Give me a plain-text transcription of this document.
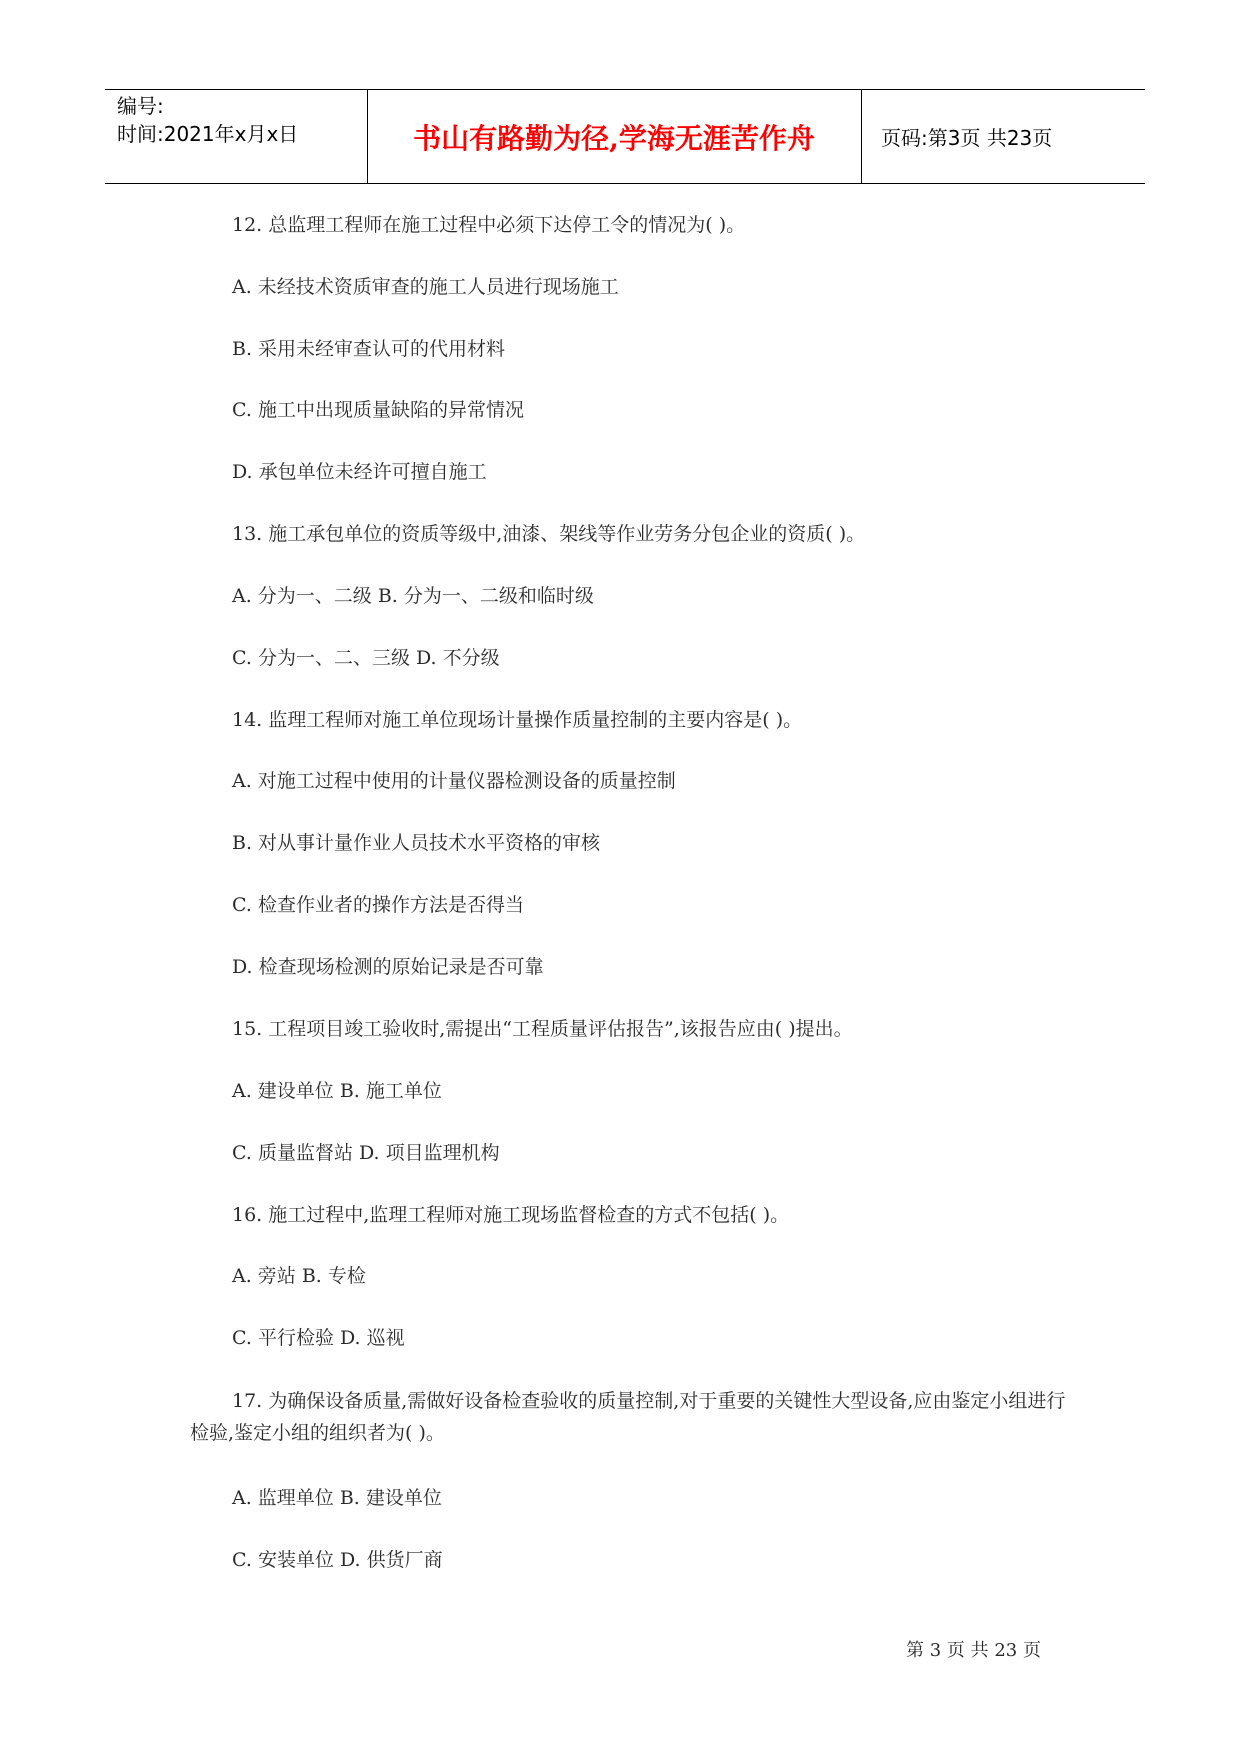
编号:
时间:2021年x月x日	书山有路勤为径,学海无涯苦作舟	页码:第3页 共23页
12. 总监理工程师在施工过程中必须下达停工令的情况为( )。
A. 未经技术资质审查的施工人员进行现场施工
B. 采用未经审查认可的代用材料
C. 施工中出现质量缺陷的异常情况
D. 承包单位未经许可擅自施工
13. 施工承包单位的资质等级中,油漆、架线等作业劳务分包企业的资质( )。
A. 分为一、二级 B. 分为一、二级和临时级
C. 分为一、二、三级 D. 不分级
14. 监理工程师对施工单位现场计量操作质量控制的主要内容是( )。
A. 对施工过程中使用的计量仪器检测设备的质量控制
B. 对从事计量作业人员技术水平资格的审核
C. 检查作业者的操作方法是否得当
D. 检查现场检测的原始记录是否可靠
15. 工程项目竣工验收时,需提出“工程质量评估报告”,该报告应由( )提出。
A. 建设单位 B. 施工单位
C. 质量监督站 D. 项目监理机构
16. 施工过程中,监理工程师对施工现场监督检查的方式不包括( )。
A. 旁站 B. 专检
C. 平行检验 D. 巡视
17. 为确保设备质量,需做好设备检查验收的质量控制,对于重要的关键性大型设备,应由鉴定小组进行检验,鉴定小组的组织者为( )。
A. 监理单位 B. 建设单位
C. 安装单位 D. 供货厂商
第 3 页 共 23 页
